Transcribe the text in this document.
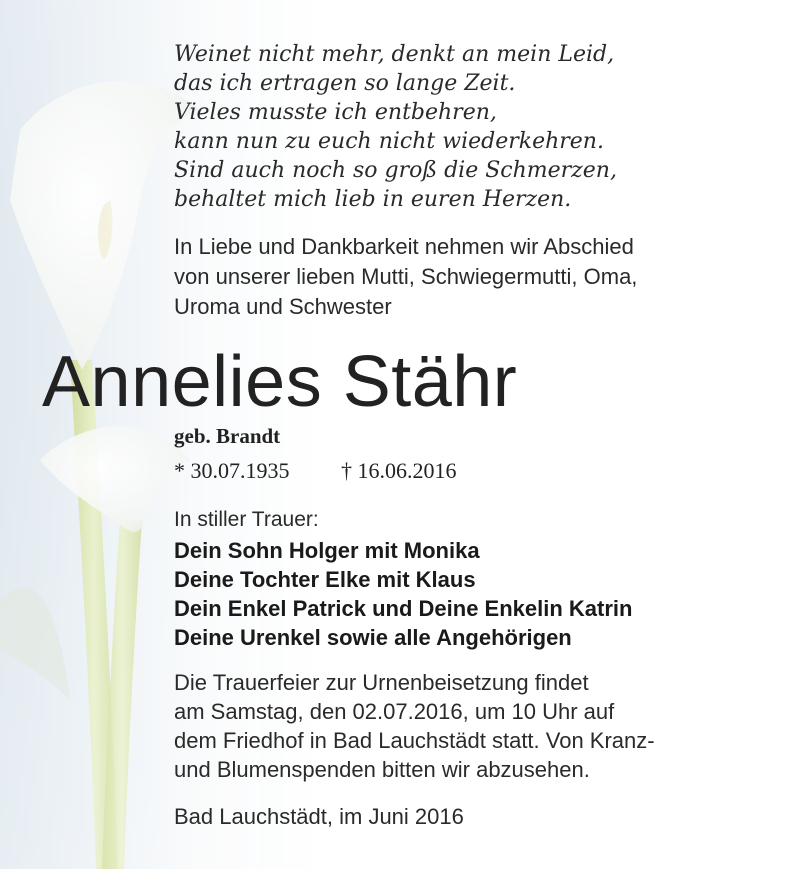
Weinet nicht mehr, denkt an mein Leid,
das ich ertragen so lange Zeit.
Vieles musste ich entbehren,
kann nun zu euch nicht wiederkehren.
Sind auch noch so groß die Schmerzen,
behaltet mich lieb in euren Herzen.
In Liebe und Dankbarkeit nehmen wir Abschied
von unserer lieben Mutti, Schwiegermutti, Oma,
Uroma und Schwester
Annelies Stähr
geb. Brandt
* 30.07.1935 † 16.06.2016
In stiller Trauer:
Dein Sohn Holger mit Monika
Deine Tochter Elke mit Klaus
Dein Enkel Patrick und Deine Enkelin Katrin
Deine Urenkel sowie alle Angehörigen
Die Trauerfeier zur Urnenbeisetzung findet
am Samstag, den 02.07.2016, um 10 Uhr auf
dem Friedhof in Bad Lauchstädt statt. Von Kranz-
und Blumenspenden bitten wir abzusehen.
Bad Lauchstädt, im Juni 2016
